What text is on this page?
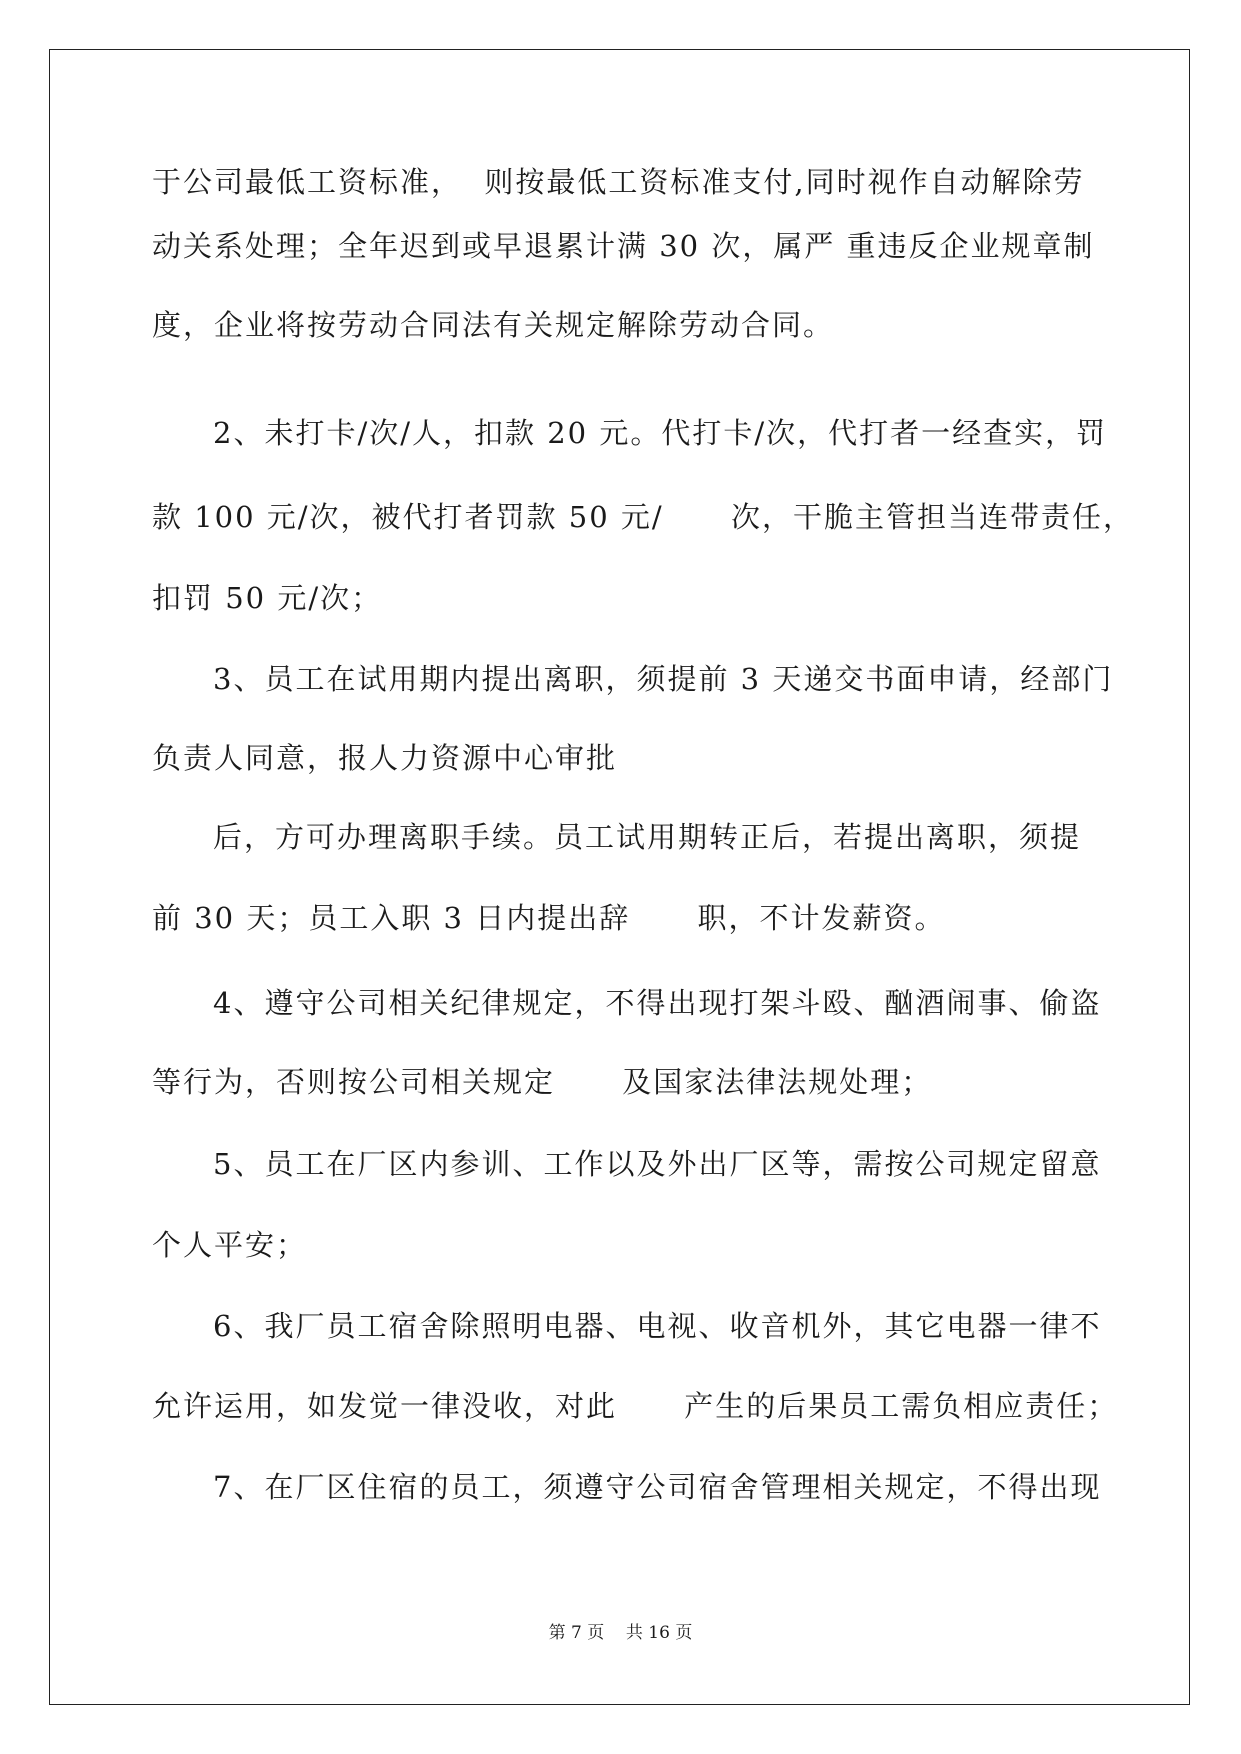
于公司最低工资标准，  则按最低工资标准支付,同时视作自动解除劳
动关系处理；全年迟到或早退累计满 30 次，属严 重违反企业规章制
度，企业将按劳动合同法有关规定解除劳动合同。
2、未打卡/次/人，扣款 20 元。代打卡/次，代打者一经查实，罚
款 100 元/次，被代打者罚款 50 元/      次，干脆主管担当连带责任，
扣罚 50 元/次；
3、员工在试用期内提出离职，须提前 3 天递交书面申请，经部门
负责人同意，报人力资源中心审批
后，方可办理离职手续。员工试用期转正后，若提出离职，须提
前 30 天；员工入职 3 日内提出辞      职，不计发薪资。
4、遵守公司相关纪律规定，不得出现打架斗殴、酗酒闹事、偷盗
等行为，否则按公司相关规定      及国家法律法规处理；
5、员工在厂区内参训、工作以及外出厂区等，需按公司规定留意
个人平安；
6、我厂员工宿舍除照明电器、电视、收音机外，其它电器一律不
允许运用，如发觉一律没收，对此      产生的后果员工需负相应责任；
7、在厂区住宿的员工，须遵守公司宿舍管理相关规定，不得出现
第 7 页    共 16 页
